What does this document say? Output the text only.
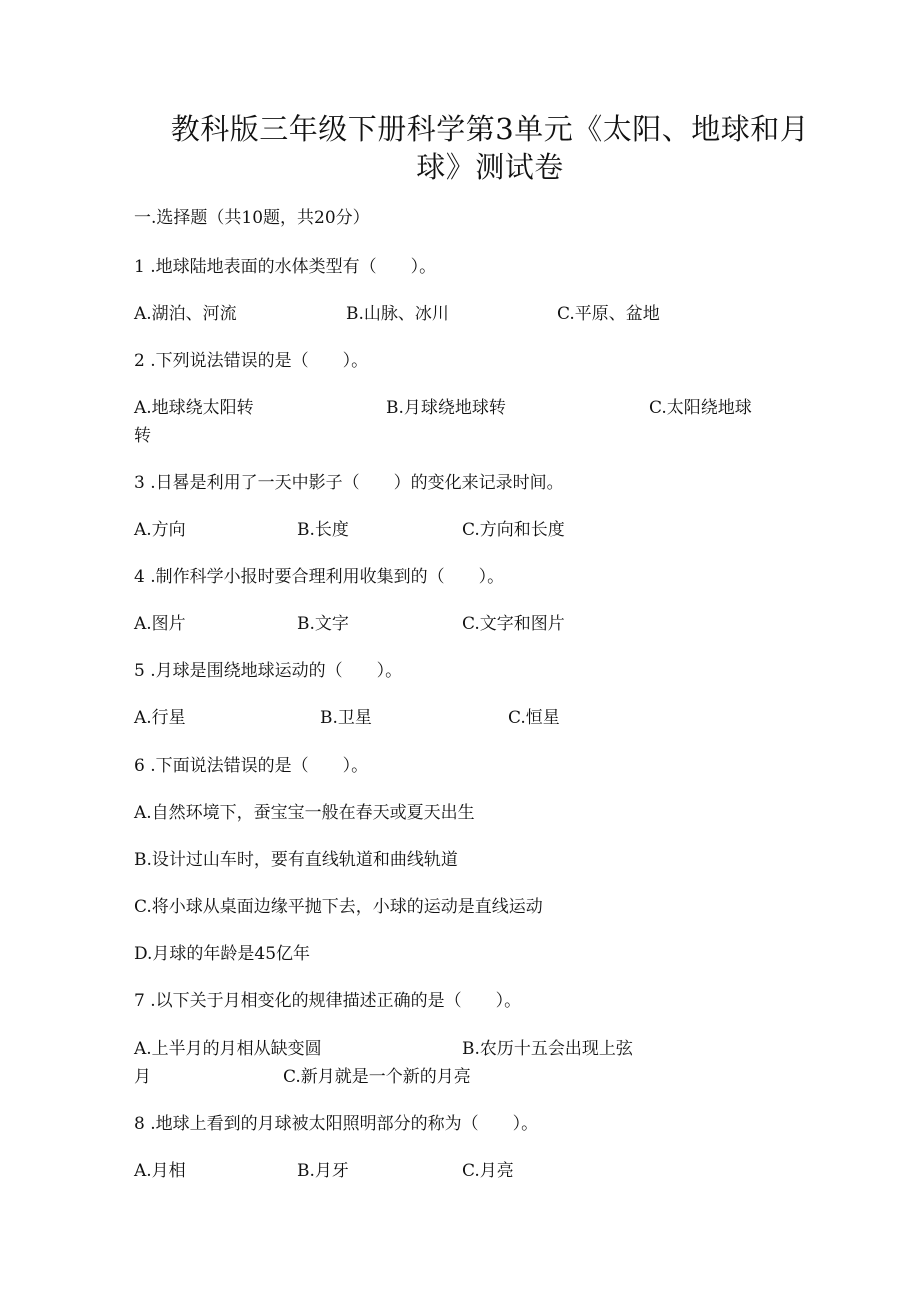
教科版三年级下册科学第3单元《太阳、地球和月
球》测试卷
一.选择题（共10题，共20分）
1 .地球陆地表面的水体类型有（　　）。
A.湖泊、河流	B.山脉、冰川	C.平原、盆地
2 .下列说法错误的是（　　）。
A.地球绕太阳转	B.月球绕地球转	C.太阳绕地球
转
3 .日晷是利用了一天中影子（　　）的变化来记录时间。
A.方向	B.长度	C.方向和长度
4 .制作科学小报时要合理利用收集到的（　　）。
A.图片	B.文字	C.文字和图片
5 .月球是围绕地球运动的（　　）。
A.行星	B.卫星	C.恒星
6 .下面说法错误的是（　　）。
A.自然环境下，蚕宝宝一般在春天或夏天出生
B.设计过山车时，要有直线轨道和曲线轨道
C.将小球从桌面边缘平抛下去，小球的运动是直线运动
D.月球的年龄是45亿年
7 .以下关于月相变化的规律描述正确的是（　　）。
A.上半月的月相从缺变圆	B.农历十五会出现上弦
月	C.新月就是一个新的月亮
8 .地球上看到的月球被太阳照明部分的称为（　　）。
A.月相	B.月牙	C.月亮
